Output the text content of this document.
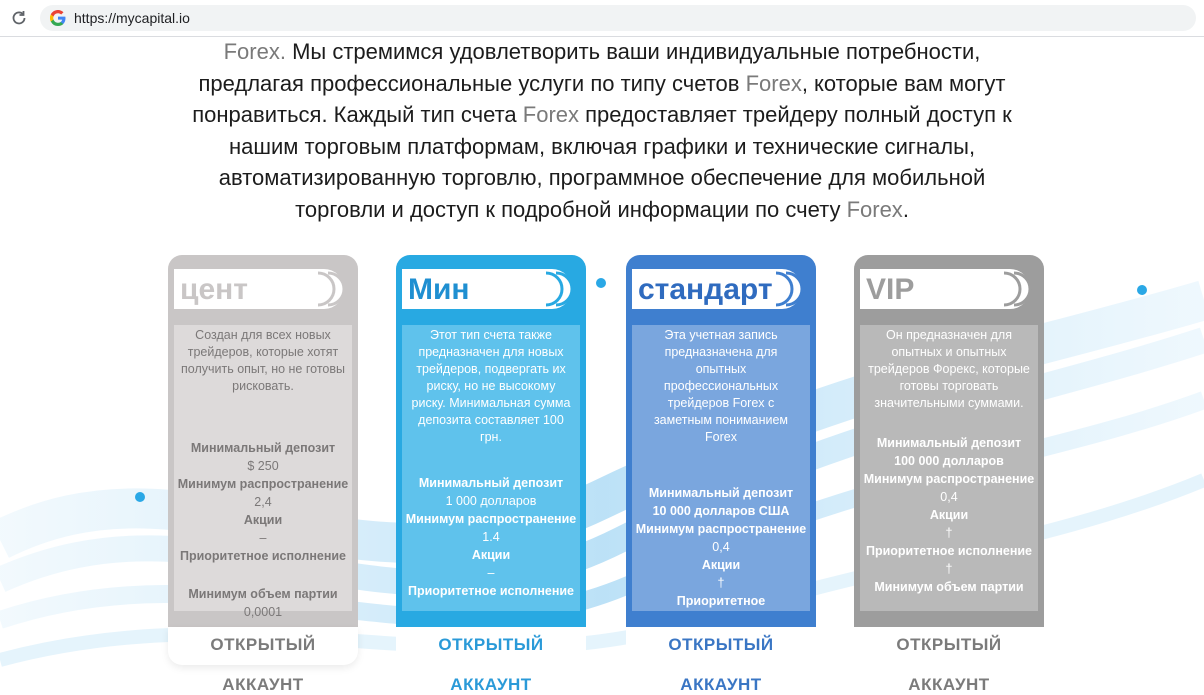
https://mycapital.io
Forex. Мы стремимся удовлетворить ваши индивидуальные потребности,
предлагая профессиональные услуги по типу счетов Forex, которые вам могут
понравиться. Каждый тип счета Forex предоставляет трейдеру полный доступ к
нашим торговым платформам, включая графики и технические сигналы,
автоматизированную торговлю, программное обеспечение для мобильной
торговли и доступ к подробной информации по счету Forex.
цент
Создан для всех новых трейдеров, которые хотят получить опыт, но не готовы рисковать.
Минимальный депозит
$ 250
Минимум распространение
2,4
Акции
–
Приоритетное исполнение
Минимум объем партии
0,0001
ОТКРЫТЫЙ
АККАУНТ
Мин
Этот тип счета также предназначен для новых трейдеров, подвергать их риску, но не высокому риску. Минимальная сумма депозита составляет 100 грн.
Минимальный депозит
1 000 долларов
Минимум распространение
1.4
Акции
–
Приоритетное исполнение
ОТКРЫТЫЙ
АККАУНТ
стандарт
Эта учетная запись предназначена для опытных профессиональных трейдеров Forex с заметным пониманием Forex
Минимальный депозит
10 000 долларов США
Минимум распространение
0,4
Акции
†
Приоритетное
ОТКРЫТЫЙ
АККАУНТ
VIP
Он предназначен для опытных и опытных трейдеров Форекс, которые готовы торговать значительными суммами.
Минимальный депозит
100 000 долларов
Минимум распространение
0,4
Акции
†
Приоритетное исполнение
†
Минимум объем партии
ОТКРЫТЫЙ
АККАУНТ
